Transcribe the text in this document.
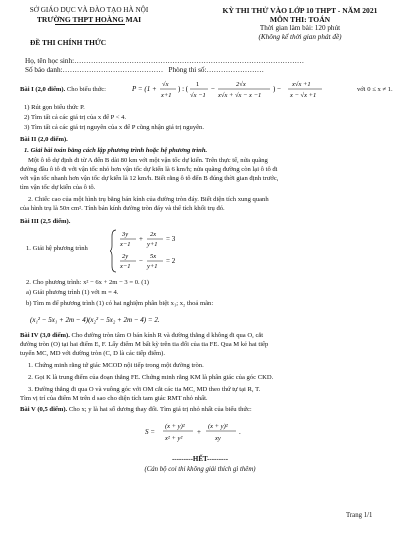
SỞ GIÁO DỤC VÀ ĐÀO TẠO HÀ NỘI
TRƯỜNG THPT HOÀNG MAI
ĐỀ THI CHÍNH THỨC
KỲ THI THỬ VÀO LỚP 10 THPT - NĂM 2021
MÔN THI: TOÁN
Thời gian làm bài: 120 phút
(Không kể thời gian phát đề)
Họ, tên học sinh:……………………………………………………………………………………
Số báo danh:……………………………………   Phòng thi số:……………………
Bài I (2,0 điểm). Cho biểu thức:	P = (1 +
√x
x+1
) : (
1
√x −1
−
2√x
x√x + √x − x −1
) −
x√x +1
x − √x +1
với 0 ≤ x ≠ 1.
1) Rút gọn biểu thức P.
2) Tìm tất cả các giá trị của x để P < 4.
3) Tìm tất cả các giá trị nguyên của x để P cũng nhận giá trị nguyên.
Bài II (2,0 điểm).
1. Giải bài toán bằng cách lập phương trình hoặc hệ phương trình.
Một ô tô dự định đi từ A đến B dài 80 km với một vận tốc dự kiến. Trên thực tế, nửa quãng
đường đầu ô tô đi với vận tốc nhỏ hơn vận tốc dự kiến là 6 km/h; nửa quãng đường còn lại ô tô đi
với vận tốc nhanh hơn vận tốc dự kiến là 12 km/h. Biết rằng ô tô đến B đúng thời gian định trước,
tìm vận tốc dự kiến của ô tô.
2. Chiếc cao của một hình trụ bằng bán kính của đường tròn đáy. Biết diện tích xung quanh
của hình trụ là 50π cm². Tính bán kính đường tròn đáy và thể tích khối trụ đó.
Bài III (2,5 điểm).
1. Giải hệ phương trình
3y
x−1
+
2x
y+1
= 3
2y
x−1
−
5x
y+1
= 2
2. Cho phương trình: x² − 6x + 2m − 3 = 0. (1)
a) Giải phương trình (1) với m = 4.
b) Tìm m để phương trình (1) có hai nghiệm phân biệt x₁; x₂ thoả mãn:
(x₁² − 5x₁ + 2m − 4)(x₂² − 5x₂ + 2m − 4) = 2.
Bài IV (3,0 điểm). Cho đường tròn tâm O bán kính R và đường thẳng d không đi qua O, cắt
đường tròn (O) tại hai điểm E, F. Lấy điểm M bất kỳ trên tia đối của tia FE. Qua M kẻ hai tiếp
tuyến MC, MD với đường tròn (C, D là các tiếp điểm).
1. Chứng minh rằng tứ giác MCOD nội tiếp trong một đường tròn.
2. Gọi K là trung điểm của đoạn thẳng FE. Chứng minh rằng KM là phân giác của góc CKD.
3. Đường thẳng đi qua O và vuông góc với OM cắt các tia MC, MD theo thứ tự tại R, T.
Tìm vị trí của điểm M trên d sao cho diện tích tam giác RMT nhỏ nhất.
Bài V (0,5 điểm). Cho x; y là hai số dương thay đổi. Tìm giá trị nhỏ nhất của biểu thức:
S =
(x + y)²
x² + y²
+
(x + y)²
xy
.
---------HẾT---------
(Cán bộ coi thi không giải thích gì thêm)
Trang 1/1
